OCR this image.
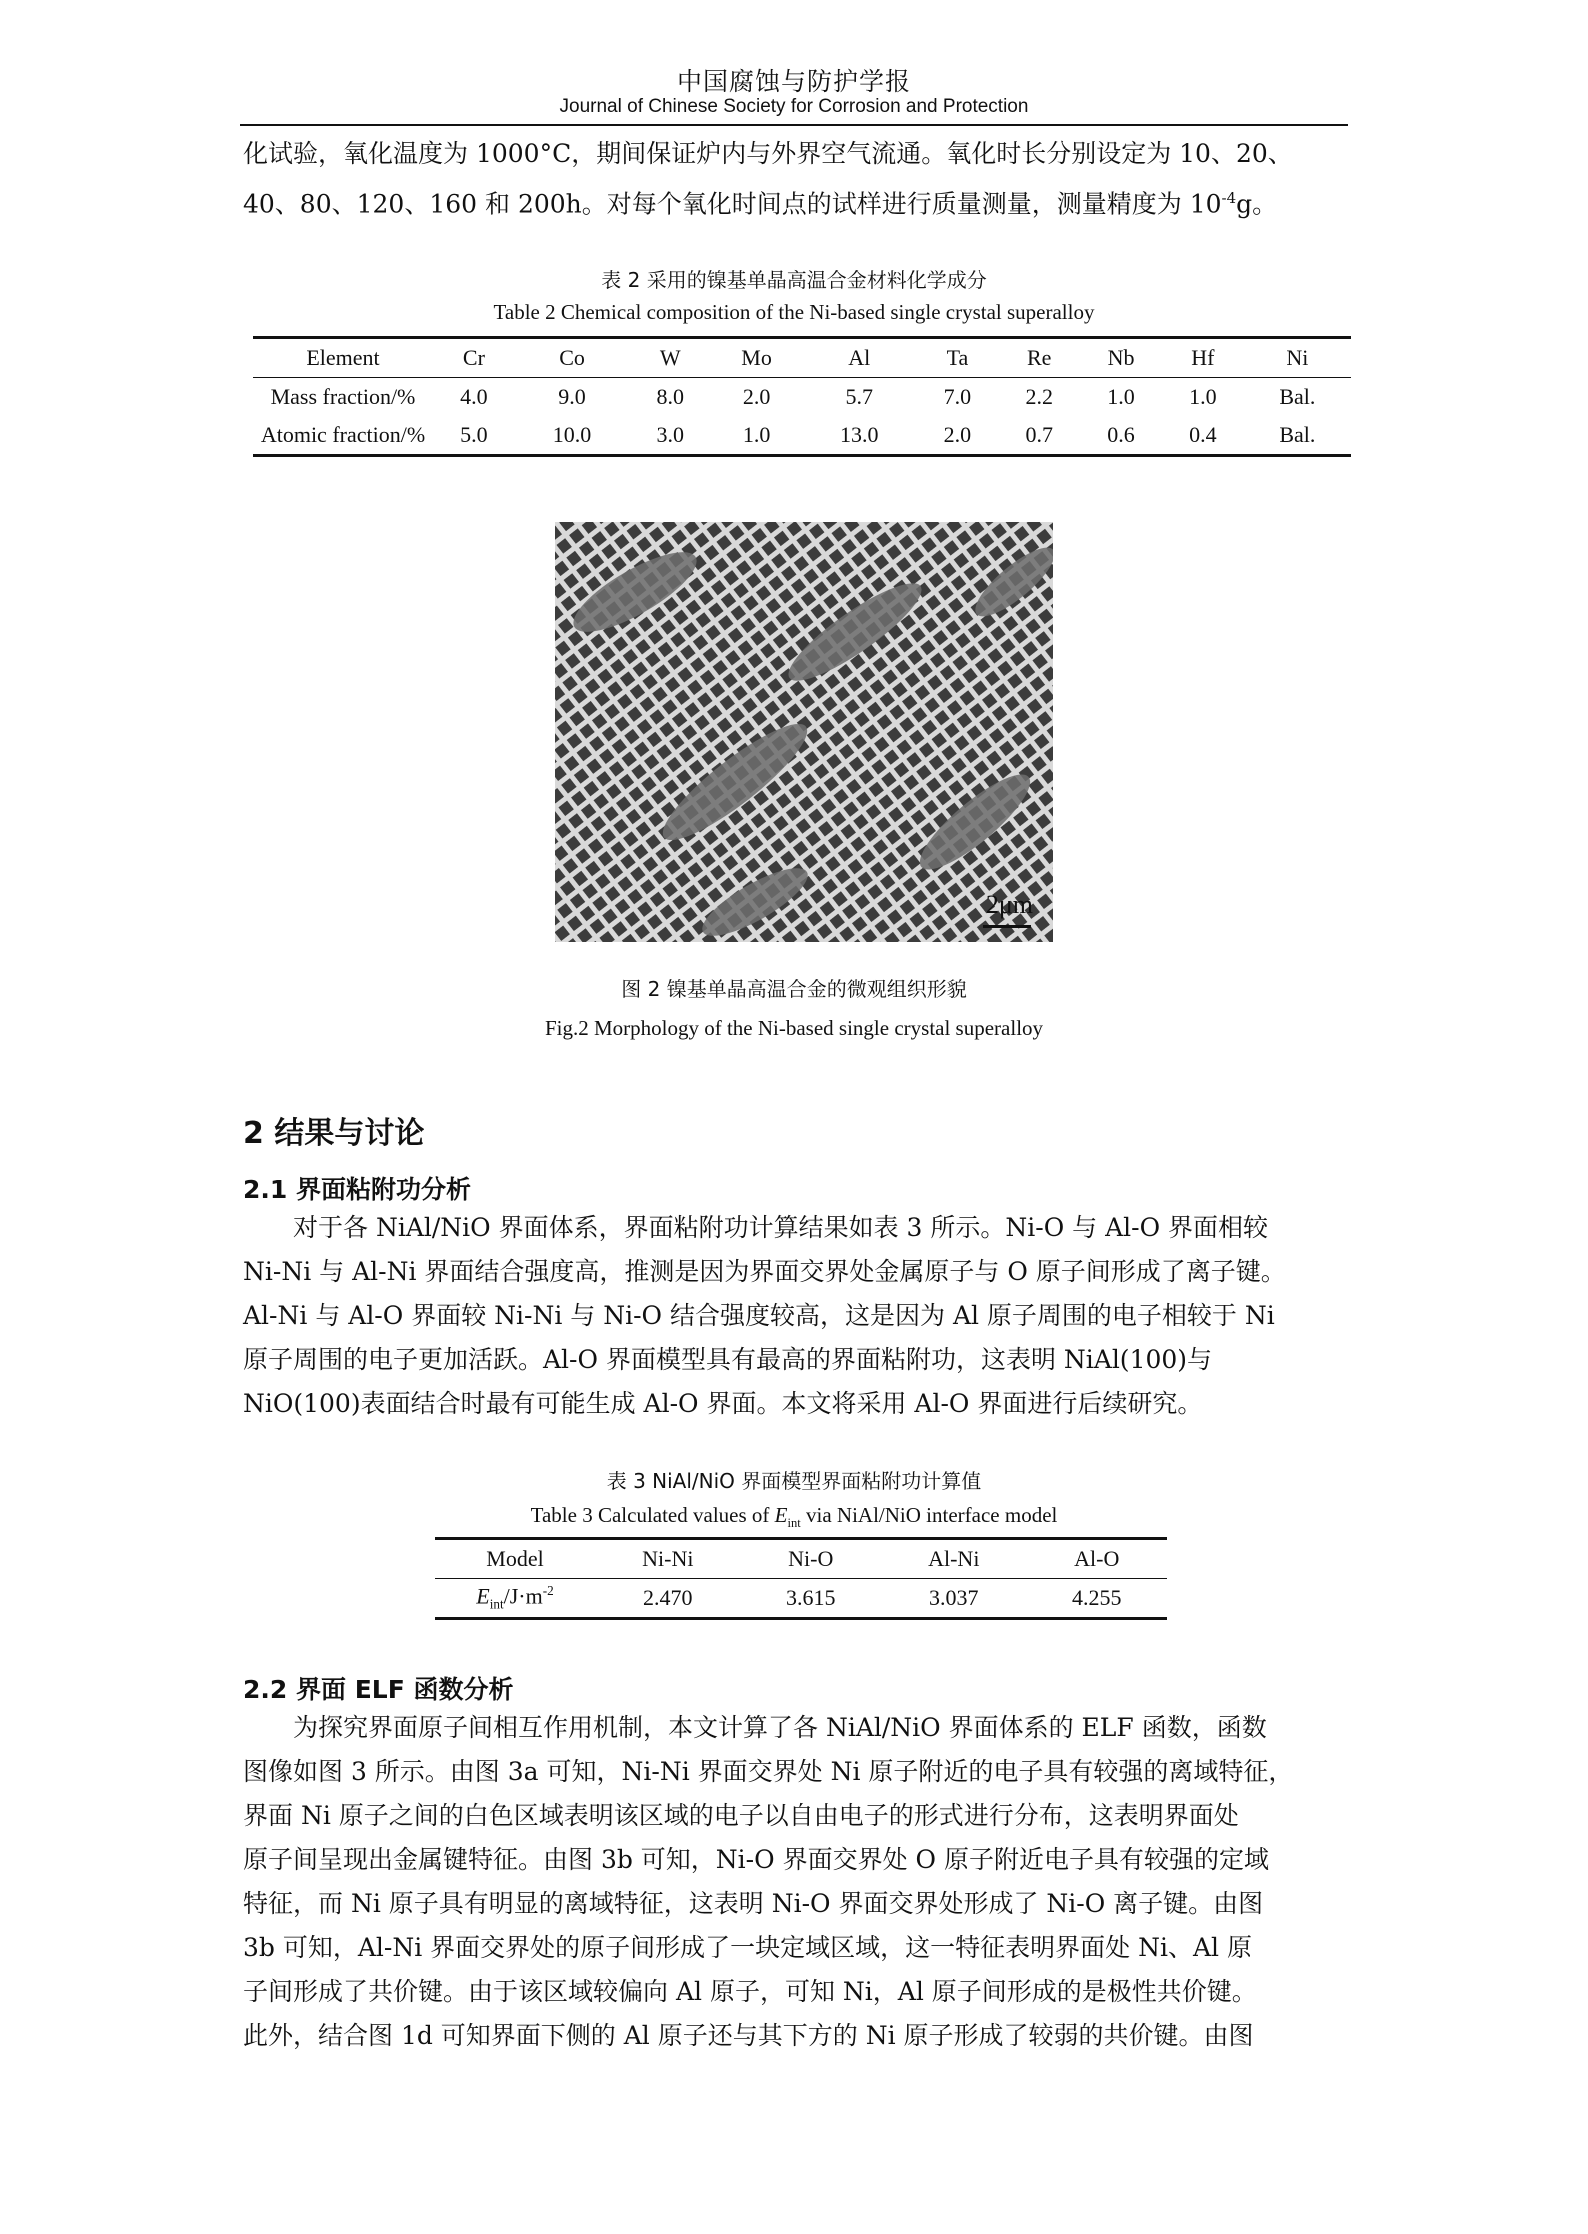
中国腐蚀与防护学报
Journal of Chinese Society for Corrosion and Protection

化试验，氧化温度为 1000°C，期间保证炉内与外界空气流通。氧化时长分别设定为 10、20、

40、80、120、160 和 200h。对每个氧化时间点的试样进行质量测量，测量精度为 $10^{-4}g$。

表 2 采用的镍基单晶高温合金材料化学成分
Table 2 Chemical composition of the Ni-based single crystal superalloy
Element	Cr	Co	W	Mo	Al	Ta	Re	Nb	Hf	Ni
Mass fraction/%	4.0	9.0	8.0	2.0	5.7	7.0	2.2	1.0	1.0	Bal.
Atomic fraction/%	5.0	10.0	3.0	1.0	13.0	2.0	0.7	0.6	0.4	Bal.
2μm
图 2 镍基单晶高温合金的微观组织形貌
Fig.2 Morphology of the Ni-based single crystal superalloy
2 结果与讨论
2.1 界面粘附功分析

对于各 NiAl/NiO 界面体系，界面粘附功计算结果如表 3 所示。Ni-O 与 Al-O 界面相较

Ni-Ni 与 Al-Ni 界面结合强度高，推测是因为界面交界处金属原子与 O 原子间形成了离子键。

Al-Ni 与 Al-O 界面较 Ni-Ni 与 Ni-O 结合强度较高，这是因为 Al 原子周围的电子相较于 Ni

原子周围的电子更加活跃。Al-O 界面模型具有最高的界面粘附功，这表明 NiAl(100)与

NiO(100)表面结合时最有可能生成 Al-O 界面。本文将采用 Al-O 界面进行后续研究。

表 3 NiAl/NiO 界面模型界面粘附功计算值
Table 3 Calculated values of $E_{int}$ via NiAl/NiO interface model
Model	Ni-Ni	Ni-O	Al-Ni	Al-O
$E_{int}/J\cdot m^{-2}$	2.470	3.615	3.037	4.255
2.2 界面 ELF 函数分析

为探究界面原子间相互作用机制，本文计算了各 NiAl/NiO 界面体系的 ELF 函数，函数

图像如图 3 所示。由图 3a 可知，Ni-Ni 界面交界处 Ni 原子附近的电子具有较强的离域特征，

界面 Ni 原子之间的白色区域表明该区域的电子以自由电子的形式进行分布，这表明界面处

原子间呈现出金属键特征。由图 3b 可知，Ni-O 界面交界处 O 原子附近电子具有较强的定域

特征，而 Ni 原子具有明显的离域特征，这表明 Ni-O 界面交界处形成了 Ni-O 离子键。由图

3b 可知，Al-Ni 界面交界处的原子间形成了一块定域区域，这一特征表明界面处 Ni、Al 原

子间形成了共价键。由于该区域较偏向 Al 原子，可知 Ni，Al 原子间形成的是极性共价键。

此外，结合图 1d 可知界面下侧的 Al 原子还与其下方的 Ni 原子形成了较弱的共价键。由图
